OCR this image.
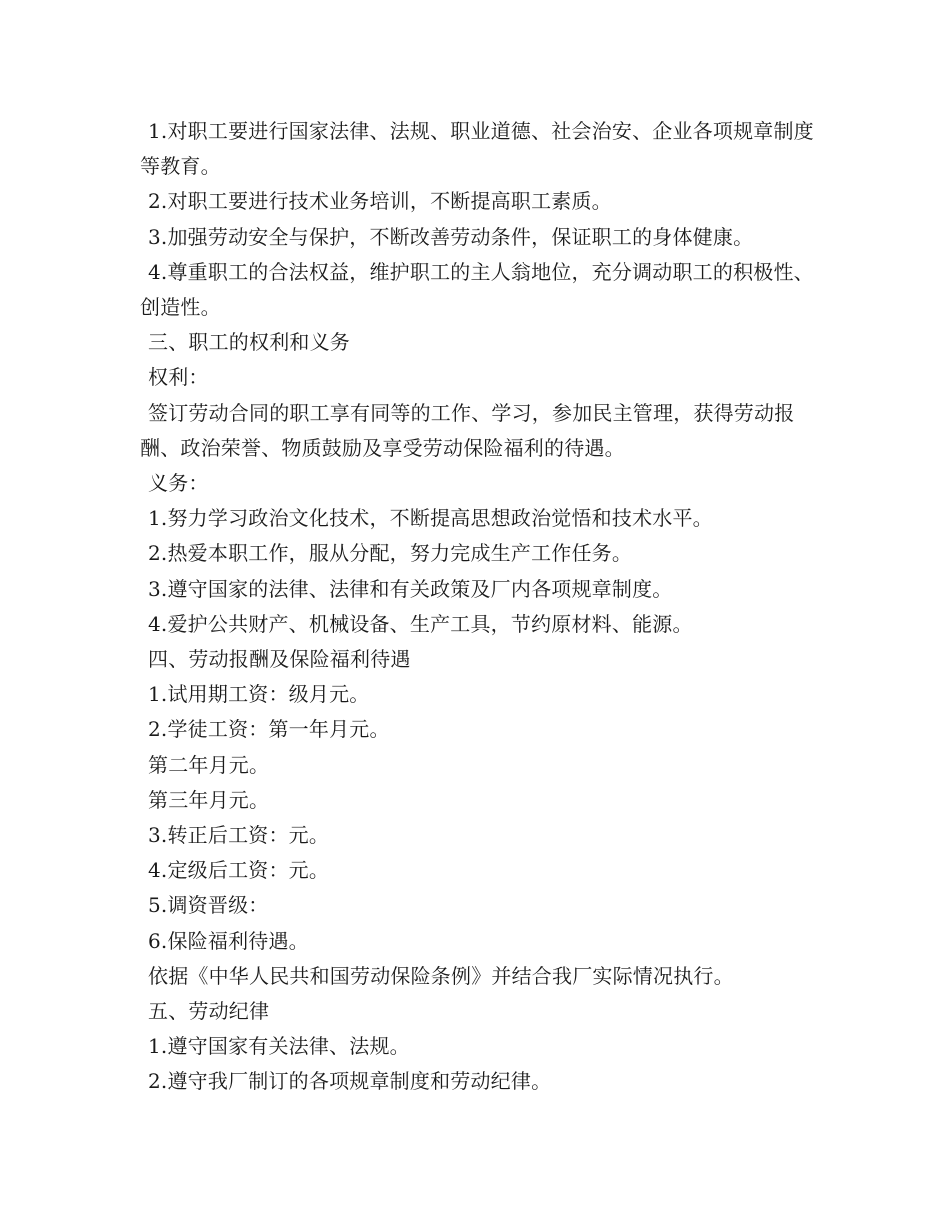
1.对职工要进行国家法律、法规、职业道德、社会治安、企业各项规章制度等教育。

2.对职工要进行技术业务培训，不断提高职工素质。

3.加强劳动安全与保护，不断改善劳动条件，保证职工的身体健康。

4.尊重职工的合法权益，维护职工的主人翁地位，充分调动职工的积极性、创造性。

三、职工的权利和义务

权利：

签订劳动合同的职工享有同等的工作、学习，参加民主管理，获得劳动报酬、政治荣誉、物质鼓励及享受劳动保险福利的待遇。

义务：

1.努力学习政治文化技术，不断提高思想政治觉悟和技术水平。

2.热爱本职工作，服从分配，努力完成生产工作任务。

3.遵守国家的法律、法律和有关政策及厂内各项规章制度。

4.爱护公共财产、机械设备、生产工具，节约原材料、能源。

四、劳动报酬及保险福利待遇

1.试用期工资：级月元。

2.学徒工资：第一年月元。

第二年月元。

第三年月元。

3.转正后工资：元。

4.定级后工资：元。

5.调资晋级：

6.保险福利待遇。

依据《中华人民共和国劳动保险条例》并结合我厂实际情况执行。

五、劳动纪律

1.遵守国家有关法律、法规。

2.遵守我厂制订的各项规章制度和劳动纪律。
